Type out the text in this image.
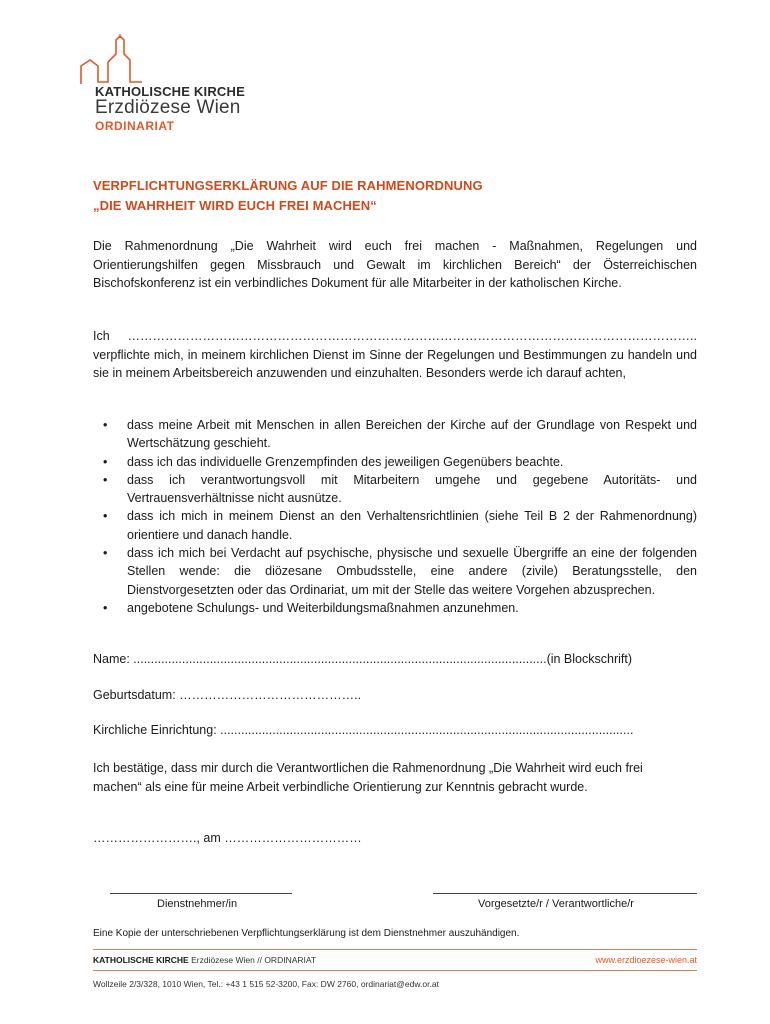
KATHOLISCHE KIRCHE
Erzdiözese Wien
ORDINARIAT
VERPFLICHTUNGSERKLÄRUNG AUF DIE RAHMENORDNUNG
„DIE WAHRHEIT WIRD EUCH FREI MACHEN“

Die Rahmenordnung „Die Wahrheit wird euch frei machen - Maßnahmen, Regelungen und Orientierungshilfen gegen Missbrauch und Gewalt im kirchlichen Bereich“ der Österreichischen Bischofskonferenz ist ein verbindliches Dokument für alle Mitarbeiter in der katholischen Kirche.

Ich ……………………………………………………………………………………………………………………….. verpflichte mich, in meinem kirchlichen Dienst im Sinne der Regelungen und Bestimmungen zu handeln und sie in meinem Arbeitsbereich anzuwenden und einzuhalten. Besonders werde ich darauf achten,

• dass meine Arbeit mit Menschen in allen Bereichen der Kirche auf der Grundlage von Respekt und Wertschätzung geschieht.
• dass ich das individuelle Grenzempfinden des jeweiligen Gegenübers beachte.
• dass ich verantwortungsvoll mit Mitarbeitern umgehe und gegebene Autoritäts- und Vertrauensverhältnisse nicht ausnütze.
• dass ich mich in meinem Dienst an den Verhaltensrichtlinien (siehe Teil B 2 der Rahmenordnung) orientiere und danach handle.
• dass ich mich bei Verdacht auf psychische, physische und sexuelle Übergriffe an eine der folgenden Stellen wende: die diözesane Ombudsstelle, eine andere (zivile) Beratungsstelle, den Dienstvorgesetzten oder das Ordinariat, um mit der Stelle das weitere Vorgehen abzusprechen.
• angebotene Schulungs- und Weiterbildungsmaßnahmen anzunehmen.
Name: .......................................................................................................................(in Blockschrift)
Geburtsdatum: ……………………………………..
Kirchliche Einrichtung: .......................................................................................................................

Ich bestätige, dass mir durch die Verantwortlichen die Rahmenordnung „Die Wahrheit wird euch frei machen“ als eine für meine Arbeit verbindliche Orientierung zur Kenntnis gebracht wurde.

……………………., am ……………………………
Dienstnehmer/in	Vorgesetzte/r / Verantwortliche/r
Eine Kopie der unterschriebenen Verpflichtungserklärung ist dem Dienstnehmer auszuhändigen.
KATHOLISCHE KIRCHE Erzdiözese Wien // ORDINARIAT	www.erzdioezese-wien.at
Wollzeile 2/3/328, 1010 Wien, Tel.: +43 1 515 52-3200, Fax: DW 2760, ordinariat@edw.or.at
